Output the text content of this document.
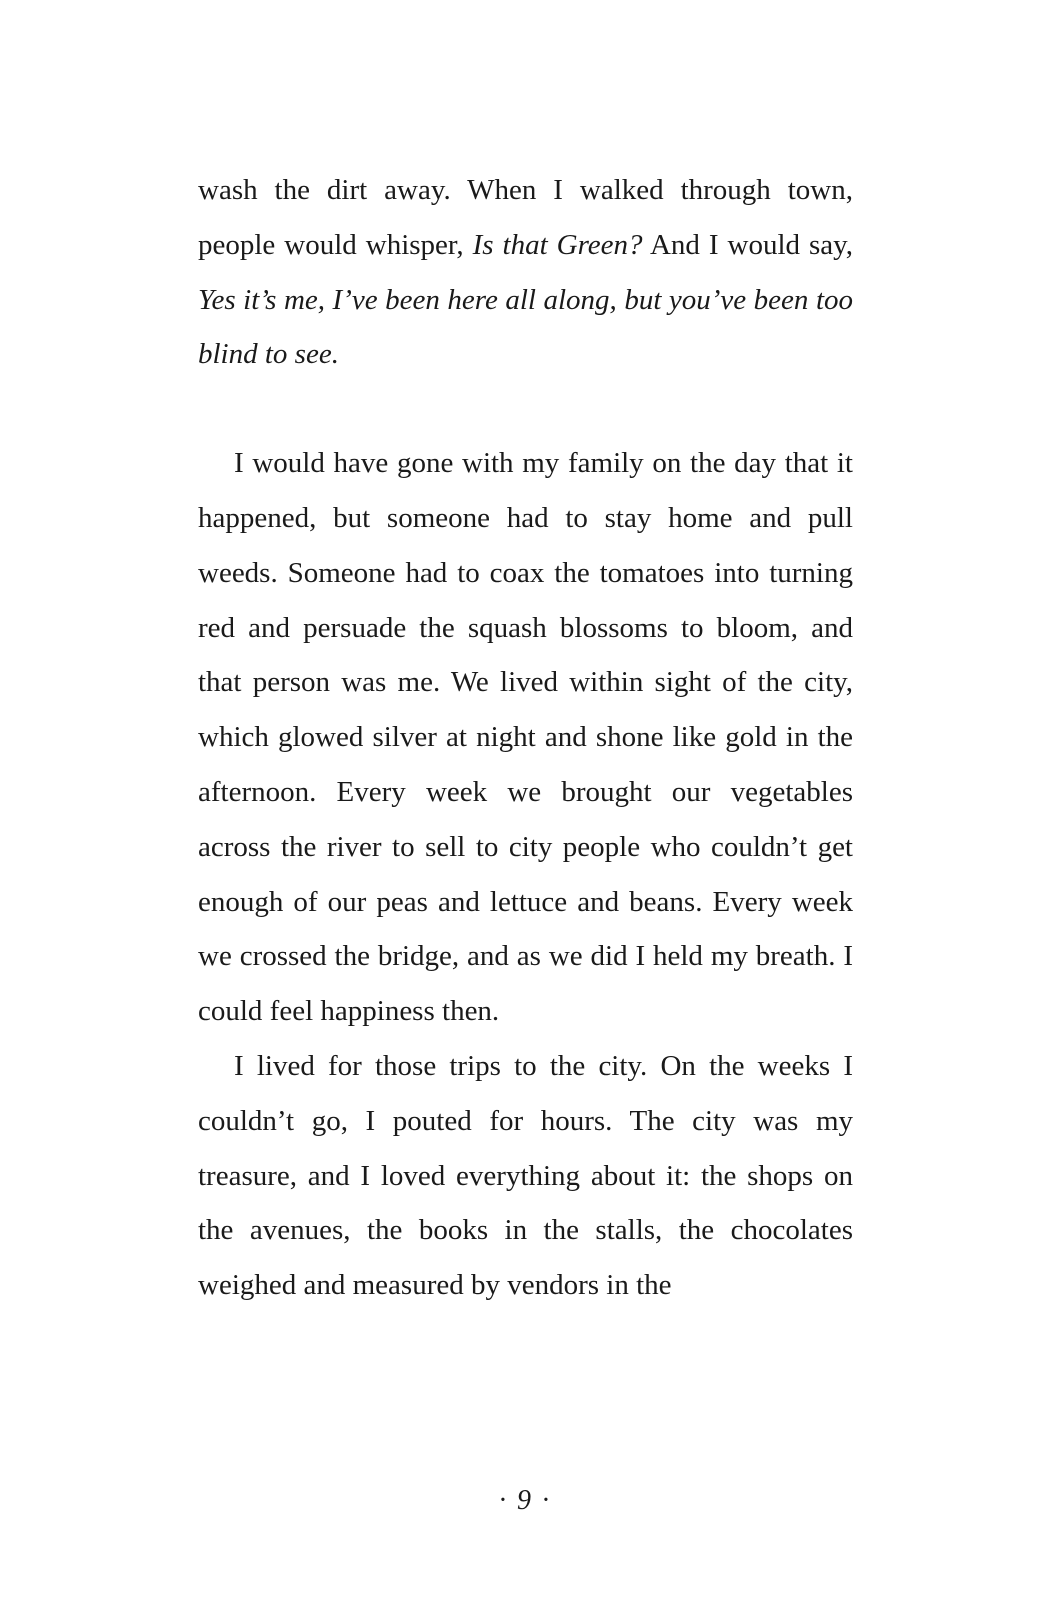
wash the dirt away. When I walked through town, people would whisper, Is that Green? And I would say, Yes it’s me, I’ve been here all along, but you’ve been too blind to see.

I would have gone with my family on the day that it happened, but someone had to stay home and pull weeds. Someone had to coax the tomatoes into turning red and persuade the squash blossoms to bloom, and that person was me. We lived within sight of the city, which glowed silver at night and shone like gold in the afternoon. Every week we brought our vegetables across the river to sell to city people who couldn’t get enough of our peas and lettuce and beans. Every week we crossed the bridge, and as we did I held my breath. I could feel happiness then.

I lived for those trips to the city. On the weeks I couldn’t go, I pouted for hours. The city was my treasure, and I loved everything about it: the shops on the avenues, the books in the stalls, the chocolates weighed and measured by vendors in the

· 9 ·
